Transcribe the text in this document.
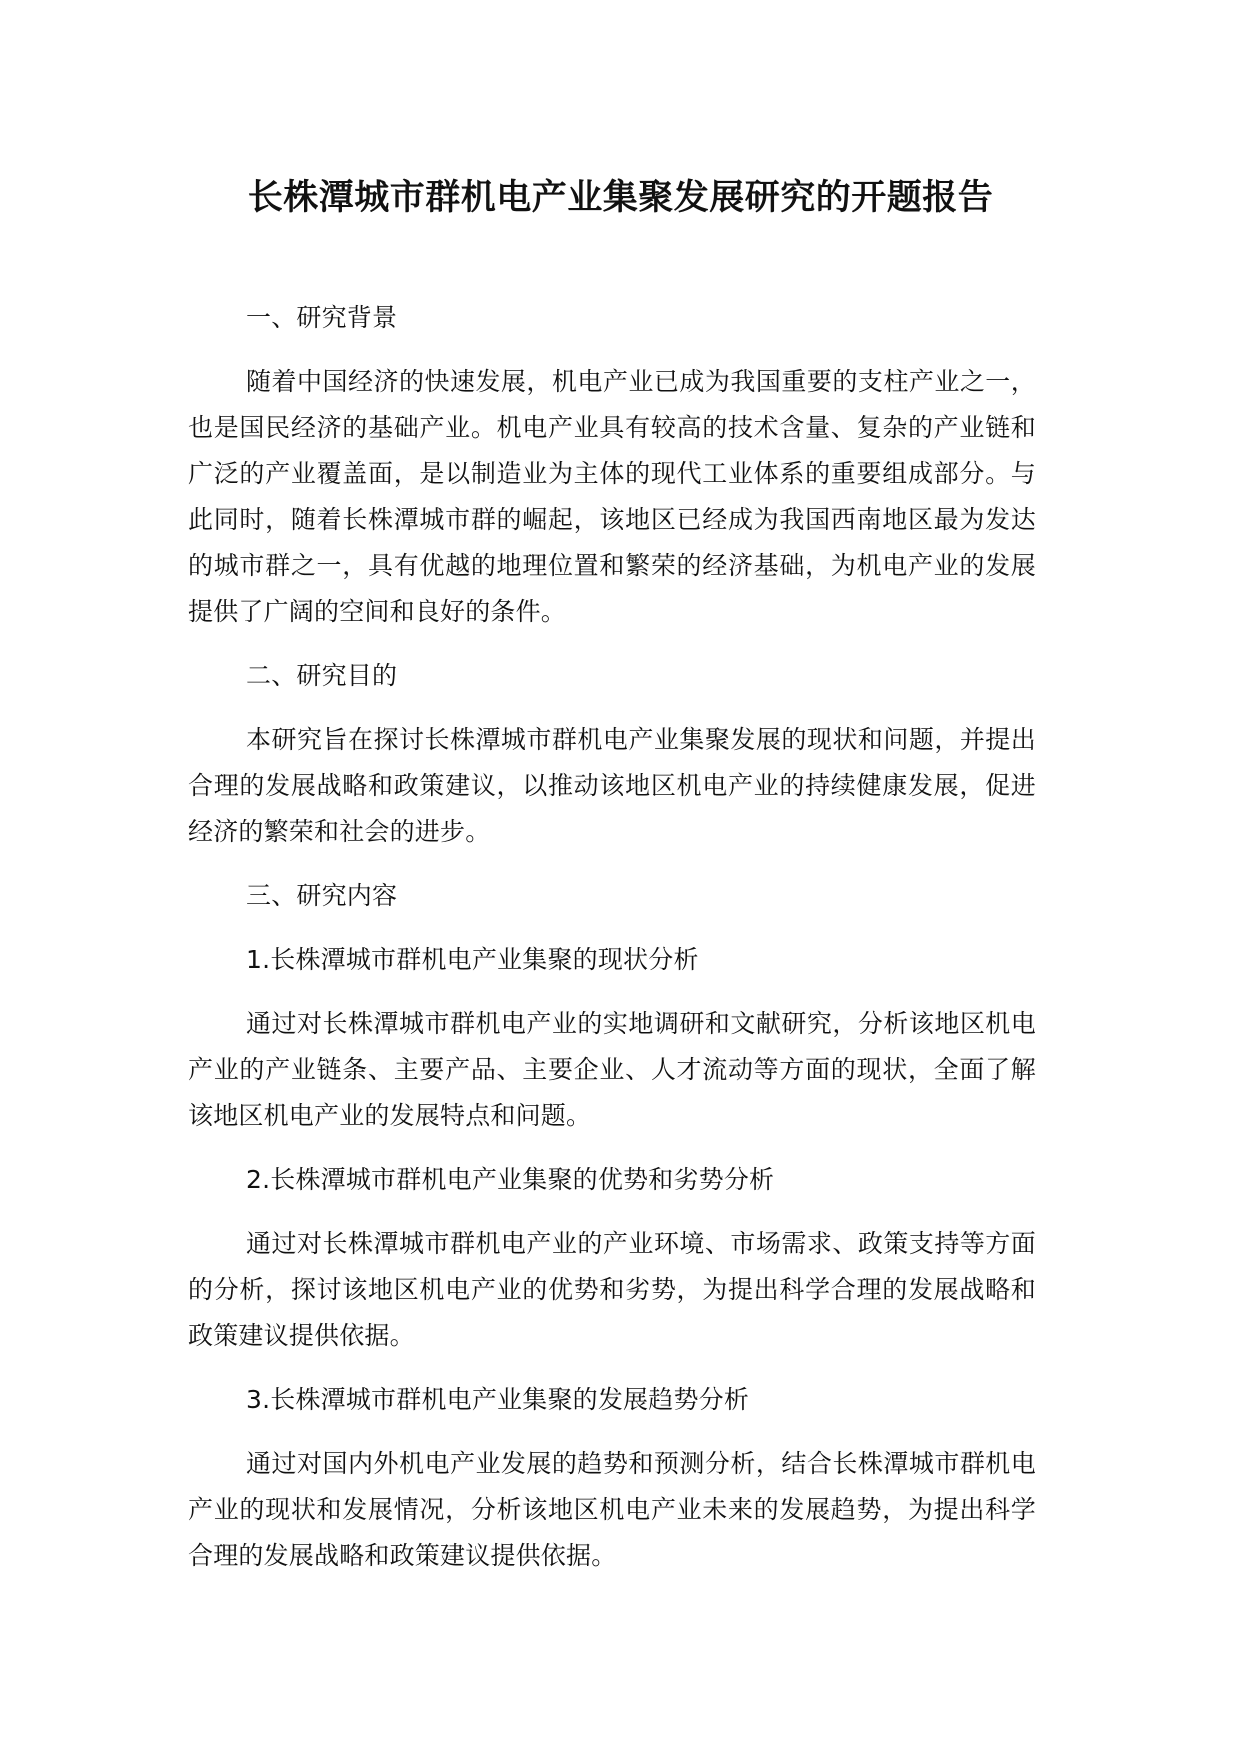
长株潭城市群机电产业集聚发展研究的开题报告

一、研究背景

随着中国经济的快速发展，机电产业已成为我国重要的支柱产业之一，也是国民经济的基础产业。机电产业具有较高的技术含量、复杂的产业链和广泛的产业覆盖面，是以制造业为主体的现代工业体系的重要组成部分。与此同时，随着长株潭城市群的崛起，该地区已经成为我国西南地区最为发达的城市群之一，具有优越的地理位置和繁荣的经济基础，为机电产业的发展提供了广阔的空间和良好的条件。

二、研究目的

本研究旨在探讨长株潭城市群机电产业集聚发展的现状和问题，并提出合理的发展战略和政策建议，以推动该地区机电产业的持续健康发展，促进经济的繁荣和社会的进步。

三、研究内容

1.长株潭城市群机电产业集聚的现状分析

通过对长株潭城市群机电产业的实地调研和文献研究，分析该地区机电产业的产业链条、主要产品、主要企业、人才流动等方面的现状，全面了解该地区机电产业的发展特点和问题。

2.长株潭城市群机电产业集聚的优势和劣势分析

通过对长株潭城市群机电产业的产业环境、市场需求、政策支持等方面的分析，探讨该地区机电产业的优势和劣势，为提出科学合理的发展战略和政策建议提供依据。

3.长株潭城市群机电产业集聚的发展趋势分析

通过对国内外机电产业发展的趋势和预测分析，结合长株潭城市群机电产业的现状和发展情况，分析该地区机电产业未来的发展趋势，为提出科学合理的发展战略和政策建议提供依据。
